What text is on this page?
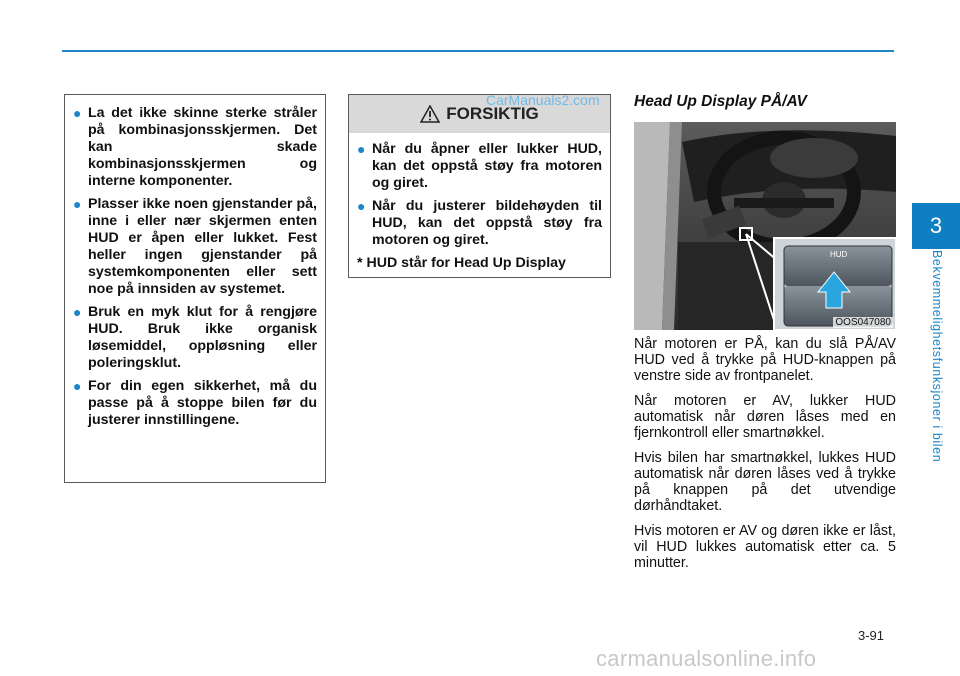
3
Bekvemmelighetsfunksjoner i bilen
● La det ikke skinne sterke stråler på kombinasjonsskjermen. Det kan skade kombinasjonsskjermen og interne komponenter.
● Plasser ikke noen gjenstander på, inne i eller nær skjermen enten HUD er åpen eller lukket. Fest heller ingen gjenstander på systemkomponenten eller sett noe på innsiden av systemet.
● Bruk en myk klut for å rengjøre HUD. Bruk ikke organisk løsemiddel, oppløsning eller poleringsklut.
● For din egen sikkerhet, må du passe på å stoppe bilen før du justerer innstillingene.
FORSIKTIG
● Når du åpner eller lukker HUD, kan det oppstå støy fra motoren og giret.
● Når du justerer bildehøyden til HUD, kan det oppstå støy fra motoren og giret.
* HUD står for Head Up Display
CarManuals2.com Head Up Display PÅ/AV
HUD
OOS047080

Når motoren er PÅ, kan du slå PÅ/AV HUD ved å trykke på HUD-knappen på venstre side av frontpanelet.

Når motoren er AV, lukker HUD automatisk når døren låses med en fjernkontroll eller smartnøkkel.

Hvis bilen har smartnøkkel, lukkes HUD automatisk når døren låses ved å trykke på knappen på det utvendige dørhåndtaket.

Hvis motoren er AV og døren ikke er låst, vil HUD lukkes automatisk etter ca. 5 minutter.

3-91
carmanualsonline.info
